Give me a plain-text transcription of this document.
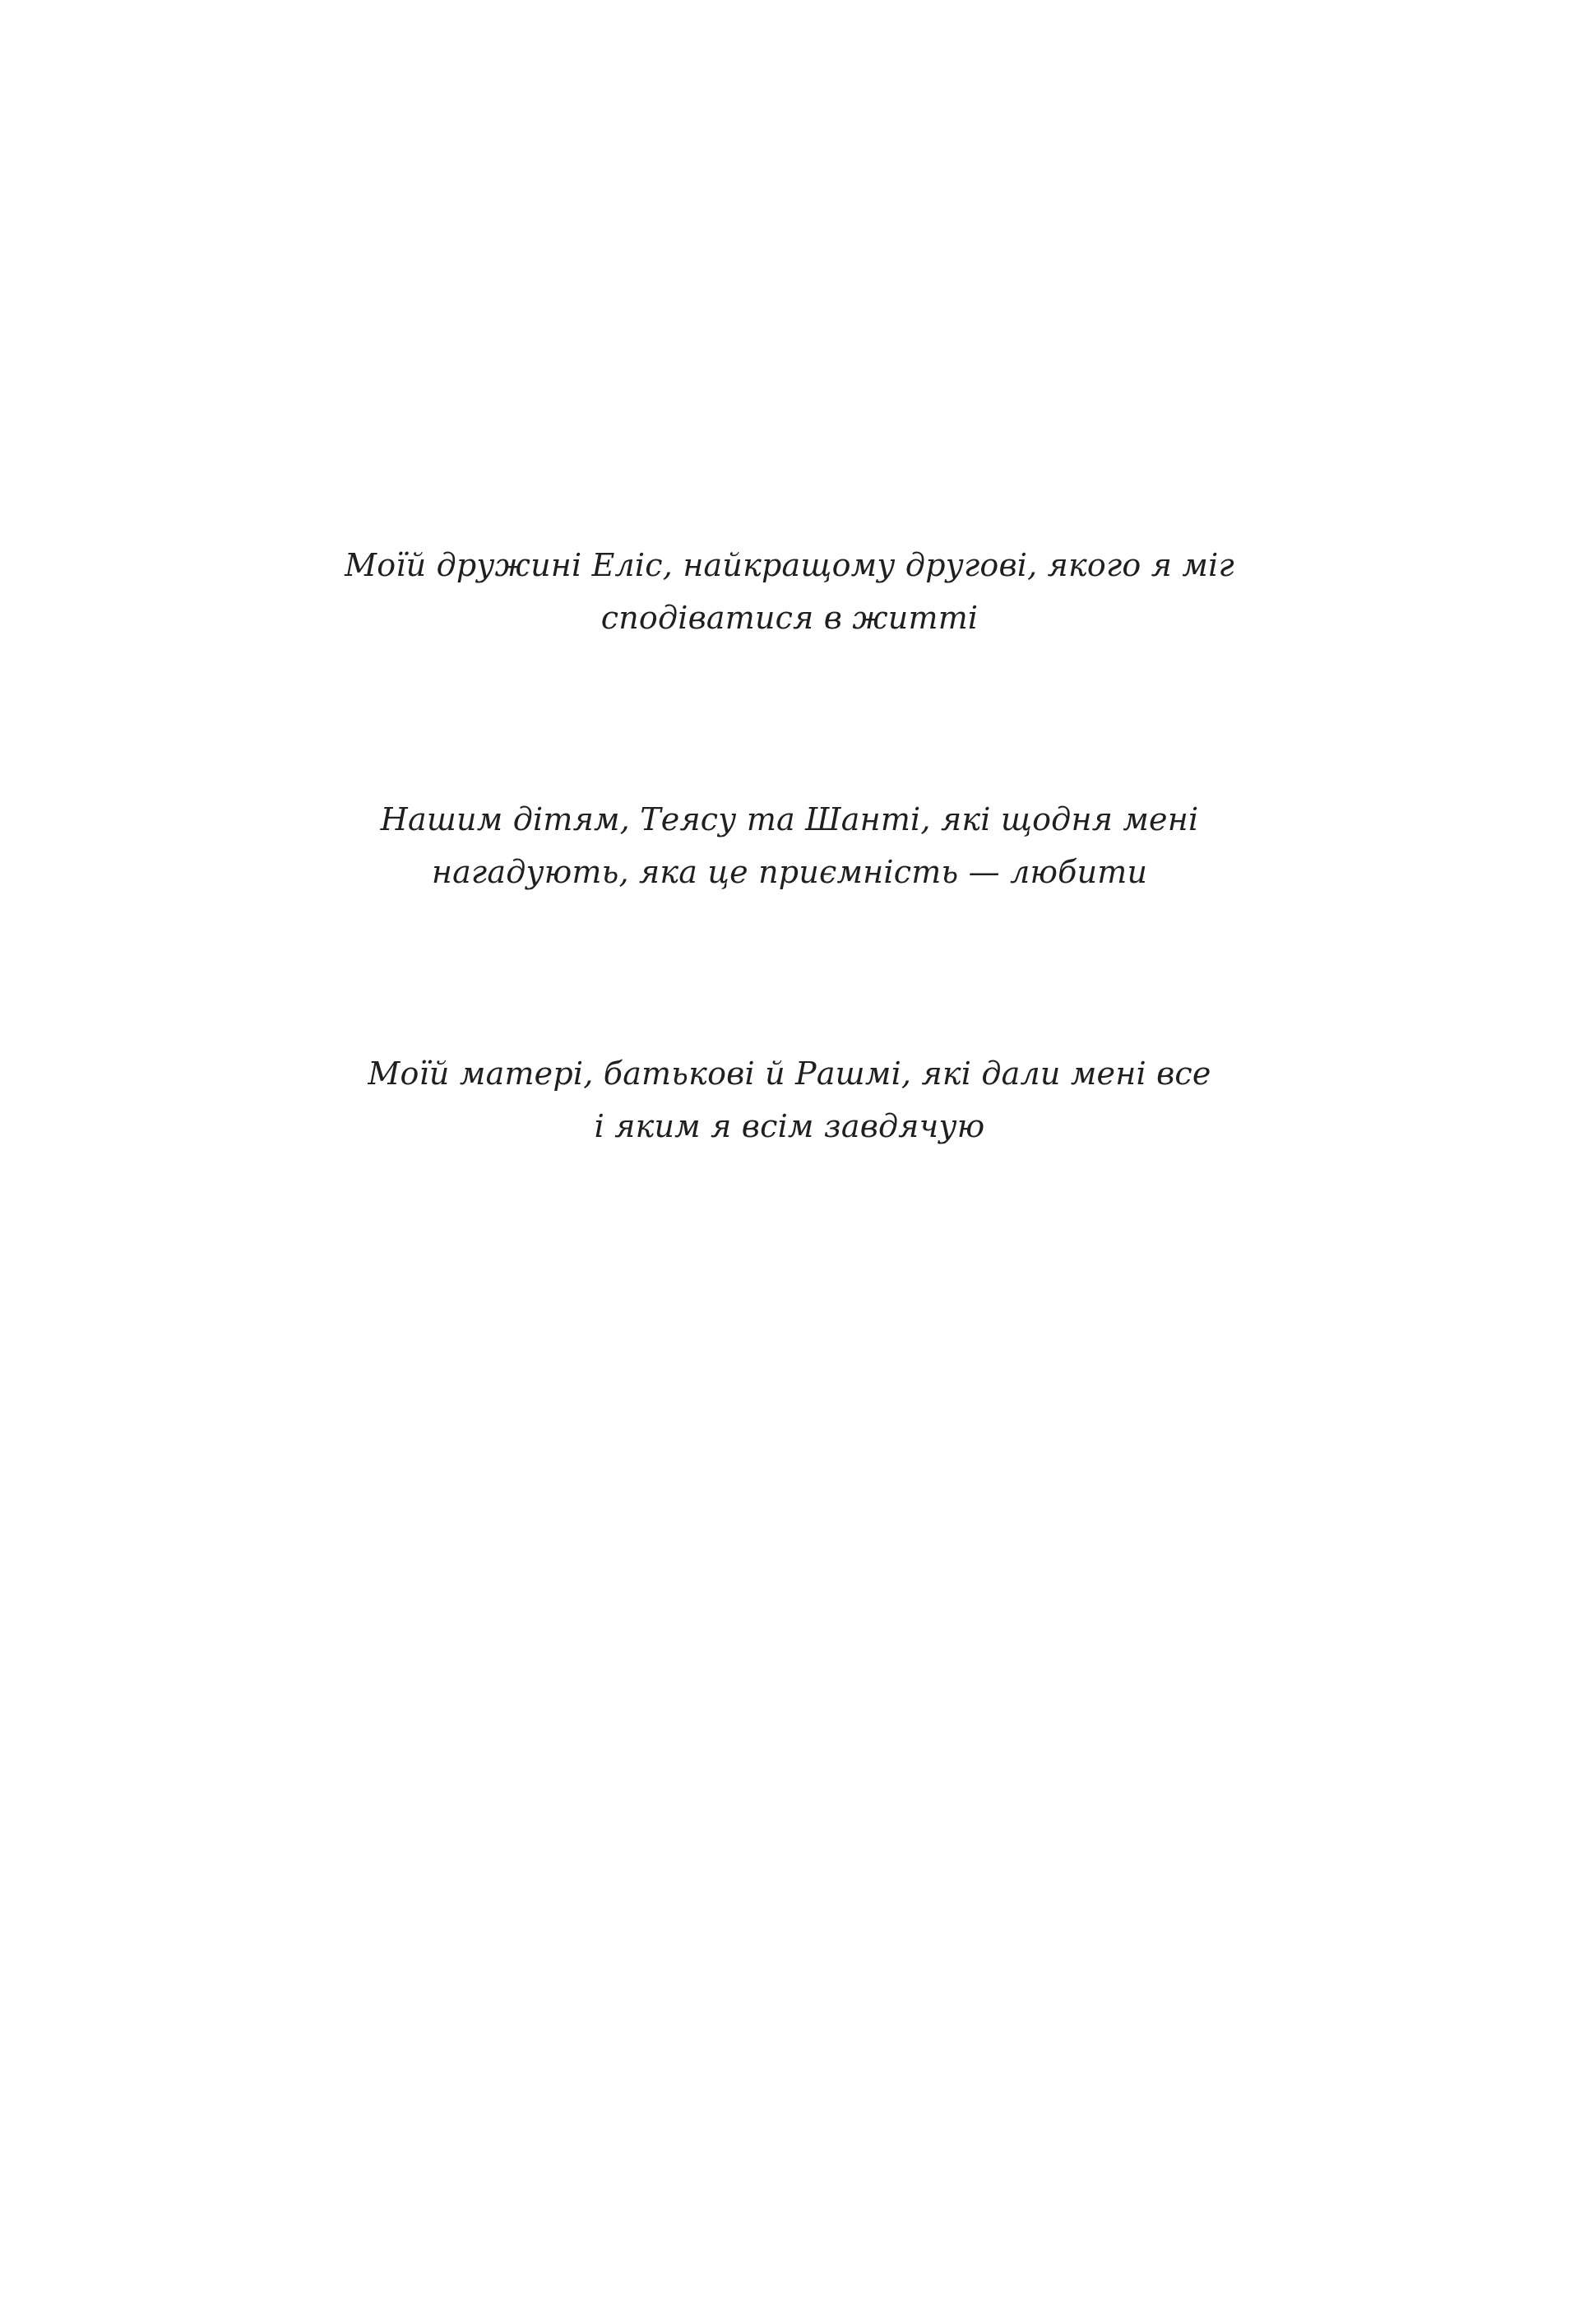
Моїй дружині Еліс, найкращому другові, якого я міг
сподіватися в житті
Нашим дітям, Теясу та Шанті, які щодня мені
нагадують, яка це приємність — любити
Моїй матері, батькові й Рашмі, які дали мені все
і яким я всім завдячую
